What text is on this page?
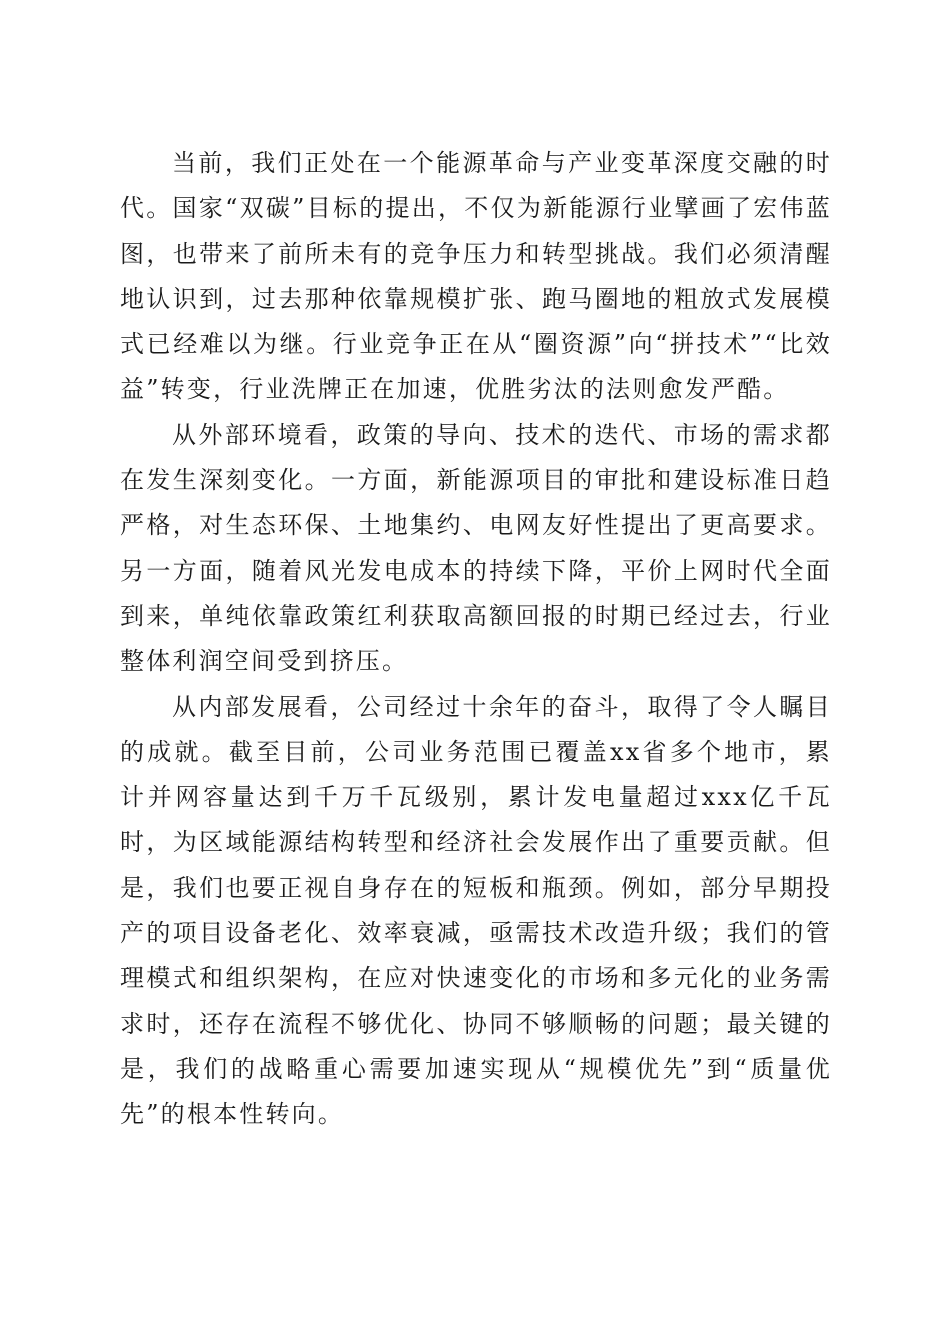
当前，我们正处在一个能源革命与产业变革深度交融的时代。国家“双碳”目标的提出，不仅为新能源行业擘画了宏伟蓝图，也带来了前所未有的竞争压力和转型挑战。我们必须清醒地认识到，过去那种依靠规模扩张、跑马圈地的粗放式发展模式已经难以为继。行业竞争正在从“圈资源”向“拼技术”“比效益”转变，行业洗牌正在加速，优胜劣汰的法则愈发严酷。

从外部环境看，政策的导向、技术的迭代、市场的需求都在发生深刻变化。一方面，新能源项目的审批和建设标准日趋严格，对生态环保、土地集约、电网友好性提出了更高要求。另一方面，随着风光发电成本的持续下降，平价上网时代全面到来，单纯依靠政策红利获取高额回报的时期已经过去，行业整体利润空间受到挤压。

从内部发展看，公司经过十余年的奋斗，取得了令人瞩目的成就。截至目前，公司业务范围已覆盖xx省多个地市，累计并网容量达到千万千瓦级别，累计发电量超过xxx亿千瓦时，为区域能源结构转型和经济社会发展作出了重要贡献。但是，我们也要正视自身存在的短板和瓶颈。例如，部分早期投产的项目设备老化、效率衰减，亟需技术改造升级；我们的管理模式和组织架构，在应对快速变化的市场和多元化的业务需求时，还存在流程不够优化、协同不够顺畅的问题；最关键的是，我们的战略重心需要加速实现从“规模优先”到“质量优先”的根本性转向。
